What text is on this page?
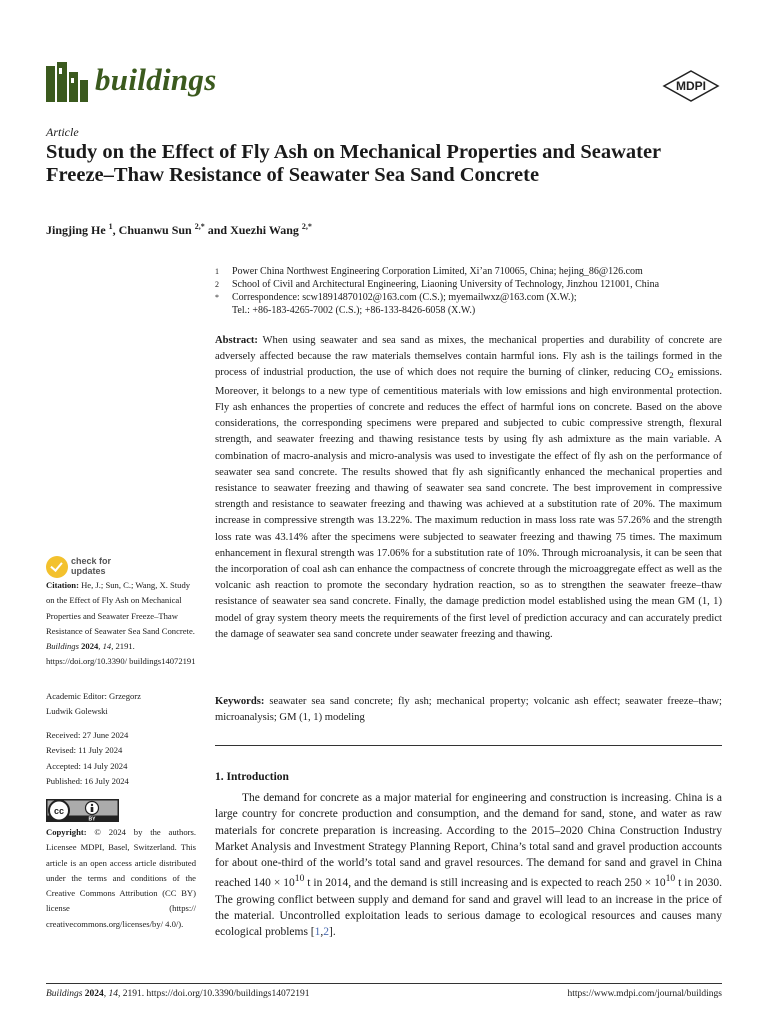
buildings	MDPI
Article
Study on the Effect of Fly Ash on Mechanical Properties and Seawater Freeze–Thaw Resistance of Seawater Sea Sand Concrete
Jingjing He $^1$, Chuanwu Sun $^{2,*}$ and Xuezhi Wang $^{2,*}$
1	Power China Northwest Engineering Corporation Limited, Xi’an 710065, China; hejing_86@126.com
2	School of Civil and Architectural Engineering, Liaoning University of Technology, Jinzhou 121001, China
*	Correspondence: scw18914870102@163.com (C.S.); myemailwxz@163.com (X.W.);
Tel.: +86-183-4265-7002 (C.S.); +86-133-8426-6058 (X.W.)

Abstract: When using seawater and sea sand as mixes, the mechanical properties and durability of concrete are adversely affected because the raw materials themselves contain harmful ions. Fly ash is the tailings formed in the process of industrial production, the use of which does not require the burning of clinker, reducing $CO_2$ emissions. Moreover, it belongs to a new type of cementitious materials with low emissions and high environmental protection. Fly ash enhances the properties of concrete and reduces the effect of harmful ions on concrete. Based on the above considerations, the corresponding specimens were prepared and subjected to cubic compressive strength, flexural strength, and seawater freezing and thawing resistance tests by using fly ash admixture as the main variable. A combination of macro-analysis and micro-analysis was used to investigate the effect of fly ash on the performance of seawater sea sand concrete. The results showed that fly ash significantly enhanced the mechanical properties and resistance to seawater freezing and thawing of seawater sea sand concrete. The best improvement in compressive strength and resistance to seawater freezing and thawing was achieved at a substitution rate of 20%. The maximum increase in compressive strength was 13.22%. The maximum reduction in mass loss rate was 57.26% and the strength loss rate was 43.14% after the specimens were subjected to seawater freezing and thawing 75 times. The maximum enhancement in flexural strength was 17.06% for a substitution rate of 10%. Through microanalysis, it can be seen that the incorporation of coal ash can enhance the compactness of concrete through the microaggregate effect as well as the volcanic ash reaction to promote the secondary hydration reaction, so as to strengthen the seawater freeze–thaw resistance of seawater sea sand concrete. Finally, the damage prediction model established using the mean GM (1, 1) model of gray system theory meets the requirements of the first level of prediction accuracy and can accurately predict the damage of seawater sea sand concrete under seawater freezing and thawing.

Keywords: seawater sea sand concrete; fly ash; mechanical property; volcanic ash effect; seawater freeze–thaw; microanalysis; GM (1, 1) modeling

1. Introduction

The demand for concrete as a major material for engineering and construction is increasing. China is a large country for concrete production and consumption, and the demand for sand, stone, and water as raw materials for concrete preparation is increasing. According to the 2015–2020 China Construction Industry Market Analysis and Investment Strategy Planning Report, China’s total sand and gravel production accounts for about one-third of the world’s total sand and gravel resources. The demand for sand and gravel in China reached $140 \times 10^{10}$ t in 2014, and the demand is still increasing and is expected to reach $250 \times 10^{10}$ t in 2030. The growing conflict between supply and demand for sand and gravel will lead to an increase in the price of the material. Uncontrolled exploitation leads to serious damage to ecological resources and causes many ecological problems [1,2].

check for
updates

Citation: He, J.; Sun, C.; Wang, X. Study on the Effect of Fly Ash on Mechanical Properties and Seawater Freeze–Thaw Resistance of Seawater Sea Sand Concrete. Buildings 2024, 14, 2191. https://doi.org/10.3390/ buildings14072191

Academic Editor: Grzegorz
Ludwik Golewski

Received: 27 June 2024
Revised: 11 July 2024
Accepted: 14 July 2024
Published: 16 July 2024

cc
BY

Copyright: © 2024 by the authors. Licensee MDPI, Basel, Switzerland. This article is an open access article distributed under the terms and conditions of the Creative Commons Attribution (CC BY) license (https:// creativecommons.org/licenses/by/ 4.0/).

Buildings 2024, 14, 2191. https://doi.org/10.3390/buildings14072191	https://www.mdpi.com/journal/buildings
